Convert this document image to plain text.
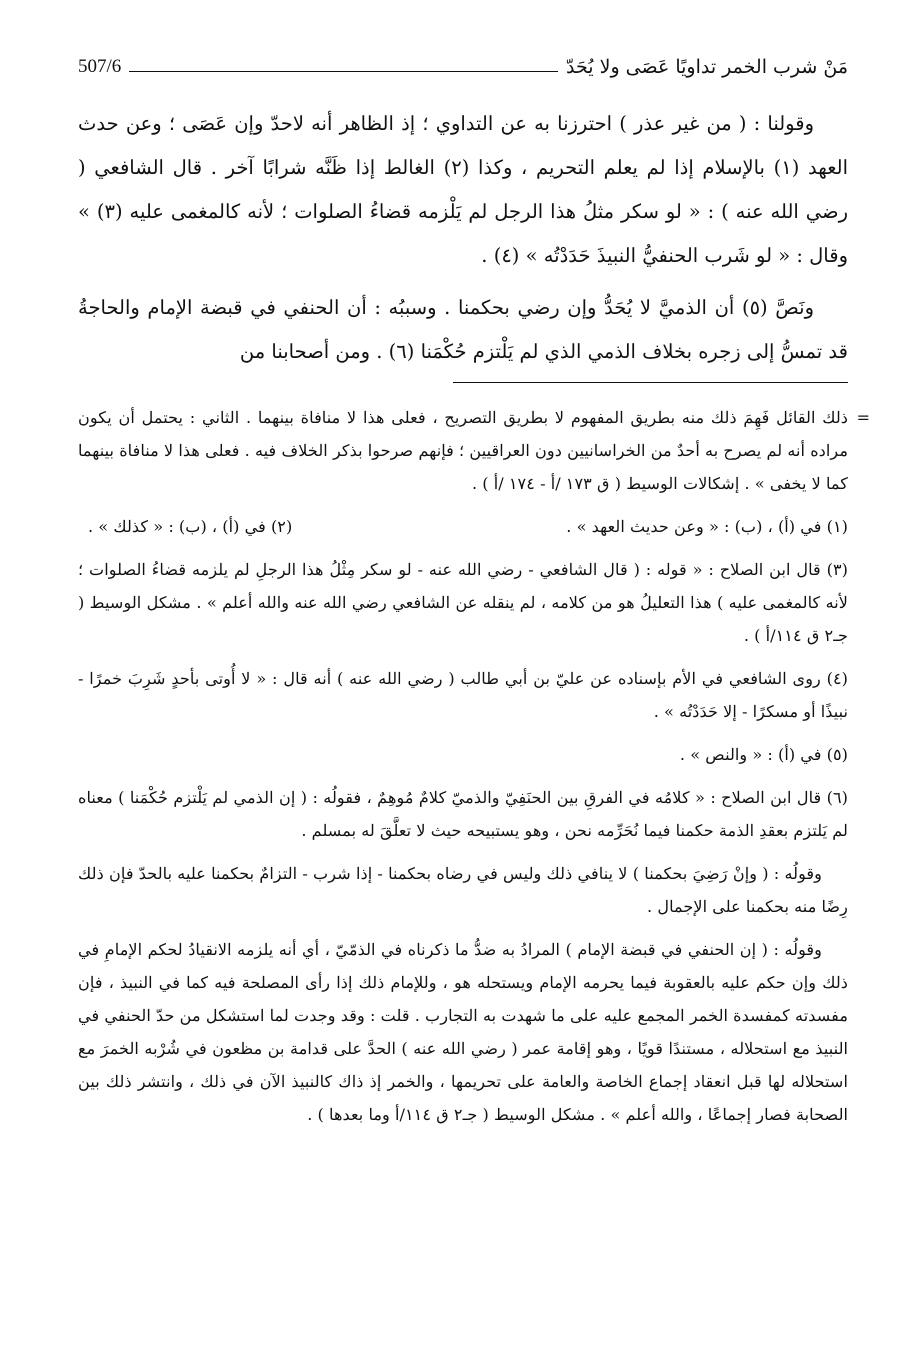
مَنْ شرب الخمر تداويًا عَصَى ولا يُحَدّ
507/6

وقولنا : ( من غير عذر ) احترزنا به عن التداوي ؛ إذ الظاهر أنه لاحدّ وإن عَصَى ؛ وعن حدث العهد (١) بالإسلام إذا لم يعلم التحريم ، وكذا (٢) الغالط إذا ظَنَّه شرابًا آخر . قال الشافعي ( رضي الله عنه ) : « لو سكر مثلُ هذا الرجل لم يَلْزمه قضاءُ الصلوات ؛ لأنه كالمغمى عليه (٣) » وقال : « لو شَرب الحنفيُّ النبيذَ حَدَدْتُه » (٤) .

ونَصَّ (٥) أن الذميَّ لا يُحَدُّ وإن رضي بحكمنا . وسببُه : أن الحنفي في قبضة الإمام والحاجةُ قد تمسُّ إلى زجره بخلاف الذمي الذي لم يَلْتزم حُكْمَنا (٦) . ومن أصحابنا من

=
ذلك القائل فَهِمَ ذلك منه بطريق المفهوم لا بطريق التصريح ، فعلى هذا لا منافاة بينهما . الثاني : يحتمل أن يكون مراده أنه لم يصرح به أحدٌ من الخراسانيين دون العراقيين ؛ فإنهم صرحوا بذكر الخلاف فيه . فعلى هذا لا منافاة بينهما كما لا يخفى » . إشكالات الوسيط ( ق ١٧٣ /أ - ١٧٤ /أ ) .

(١) في (أ) ، (ب) : « وعن حديث العهد » .
(٢) في (أ) ، (ب) : « كذلك » .

(٣) قال ابن الصلاح : « قوله : ( قال الشافعي - رضي الله عنه - لو سكر مِثْلُ هذا الرجلِ لم يلزمه قضاءُ الصلوات ؛ لأنه كالمغمى عليه ) هذا التعليلُ هو من كلامه ، لم ينقله عن الشافعي رضي الله عنه والله أعلم » . مشكل الوسيط ( جـ٢ ق ١١٤/أ ) .

(٤) روى الشافعي في الأم بإسناده عن عليّ بن أبي طالب ( رضي الله عنه ) أنه قال : « لا أُوتى بأحدٍ شَرِبَ خمرًا - نبيذًا أو مسكرًا - إلا حَدَدْتُه » .

(٥) في (أ) : « والنص » .

(٦) قال ابن الصلاح : « كلامُه في الفرقِ بين الحنَفِيّ والذميّ كلامٌ مُوهِمٌ ، فقولُه : ( إن الذمي لم يَلْتزم حُكْمَنا ) معناه لم يَلتزم بعقدِ الذمة حكمنا فيما نُحَرِّمه نحن ، وهو يستبيحه حيث لا تعلَّقَ له بمسلم .

وقولُه : ( وإنْ رَضِيَ بحكمنا ) لا ينافي ذلك وليس في رضاه بحكمنا - إذا شرب - التزامٌ بحكمنا عليه بالحدّ فإن ذلك رِضًا منه بحكمنا على الإجمال .

وقولُه : ( إن الحنفي في قبضة الإمام ) المرادُ به ضدُّ ما ذكرناه في الذمّيّ ، أي أنه يلزمه الانقيادُ لحكم الإمامِ في ذلك وإن حكم عليه بالعقوبة فيما يحرمه الإمام ويستحله هو ، وللإمام ذلك إذا رأى المصلحة فيه كما في النبيذ ، فإن مفسدته كمفسدة الخمر المجمع عليه على ما شهدت به التجارب . قلت : وقد وجدت لما استشكل من حدّ الحنفي في النبيذ مع استحلاله ، مستندًا قويًا ، وهو إقامة عمر ( رضي الله عنه ) الحدَّ على قدامة بن مظعون في شُرْبه الخمرَ مع استحلاله لها قبل انعقاد إجماع الخاصة والعامة على تحريمها ، والخمر إذ ذاك كالنبيذ الآن في ذلك ، وانتشر ذلك بين الصحابة فصار إجماعًا ، والله أعلم » . مشكل الوسيط ( جـ٢ ق ١١٤/أ وما بعدها ) .
